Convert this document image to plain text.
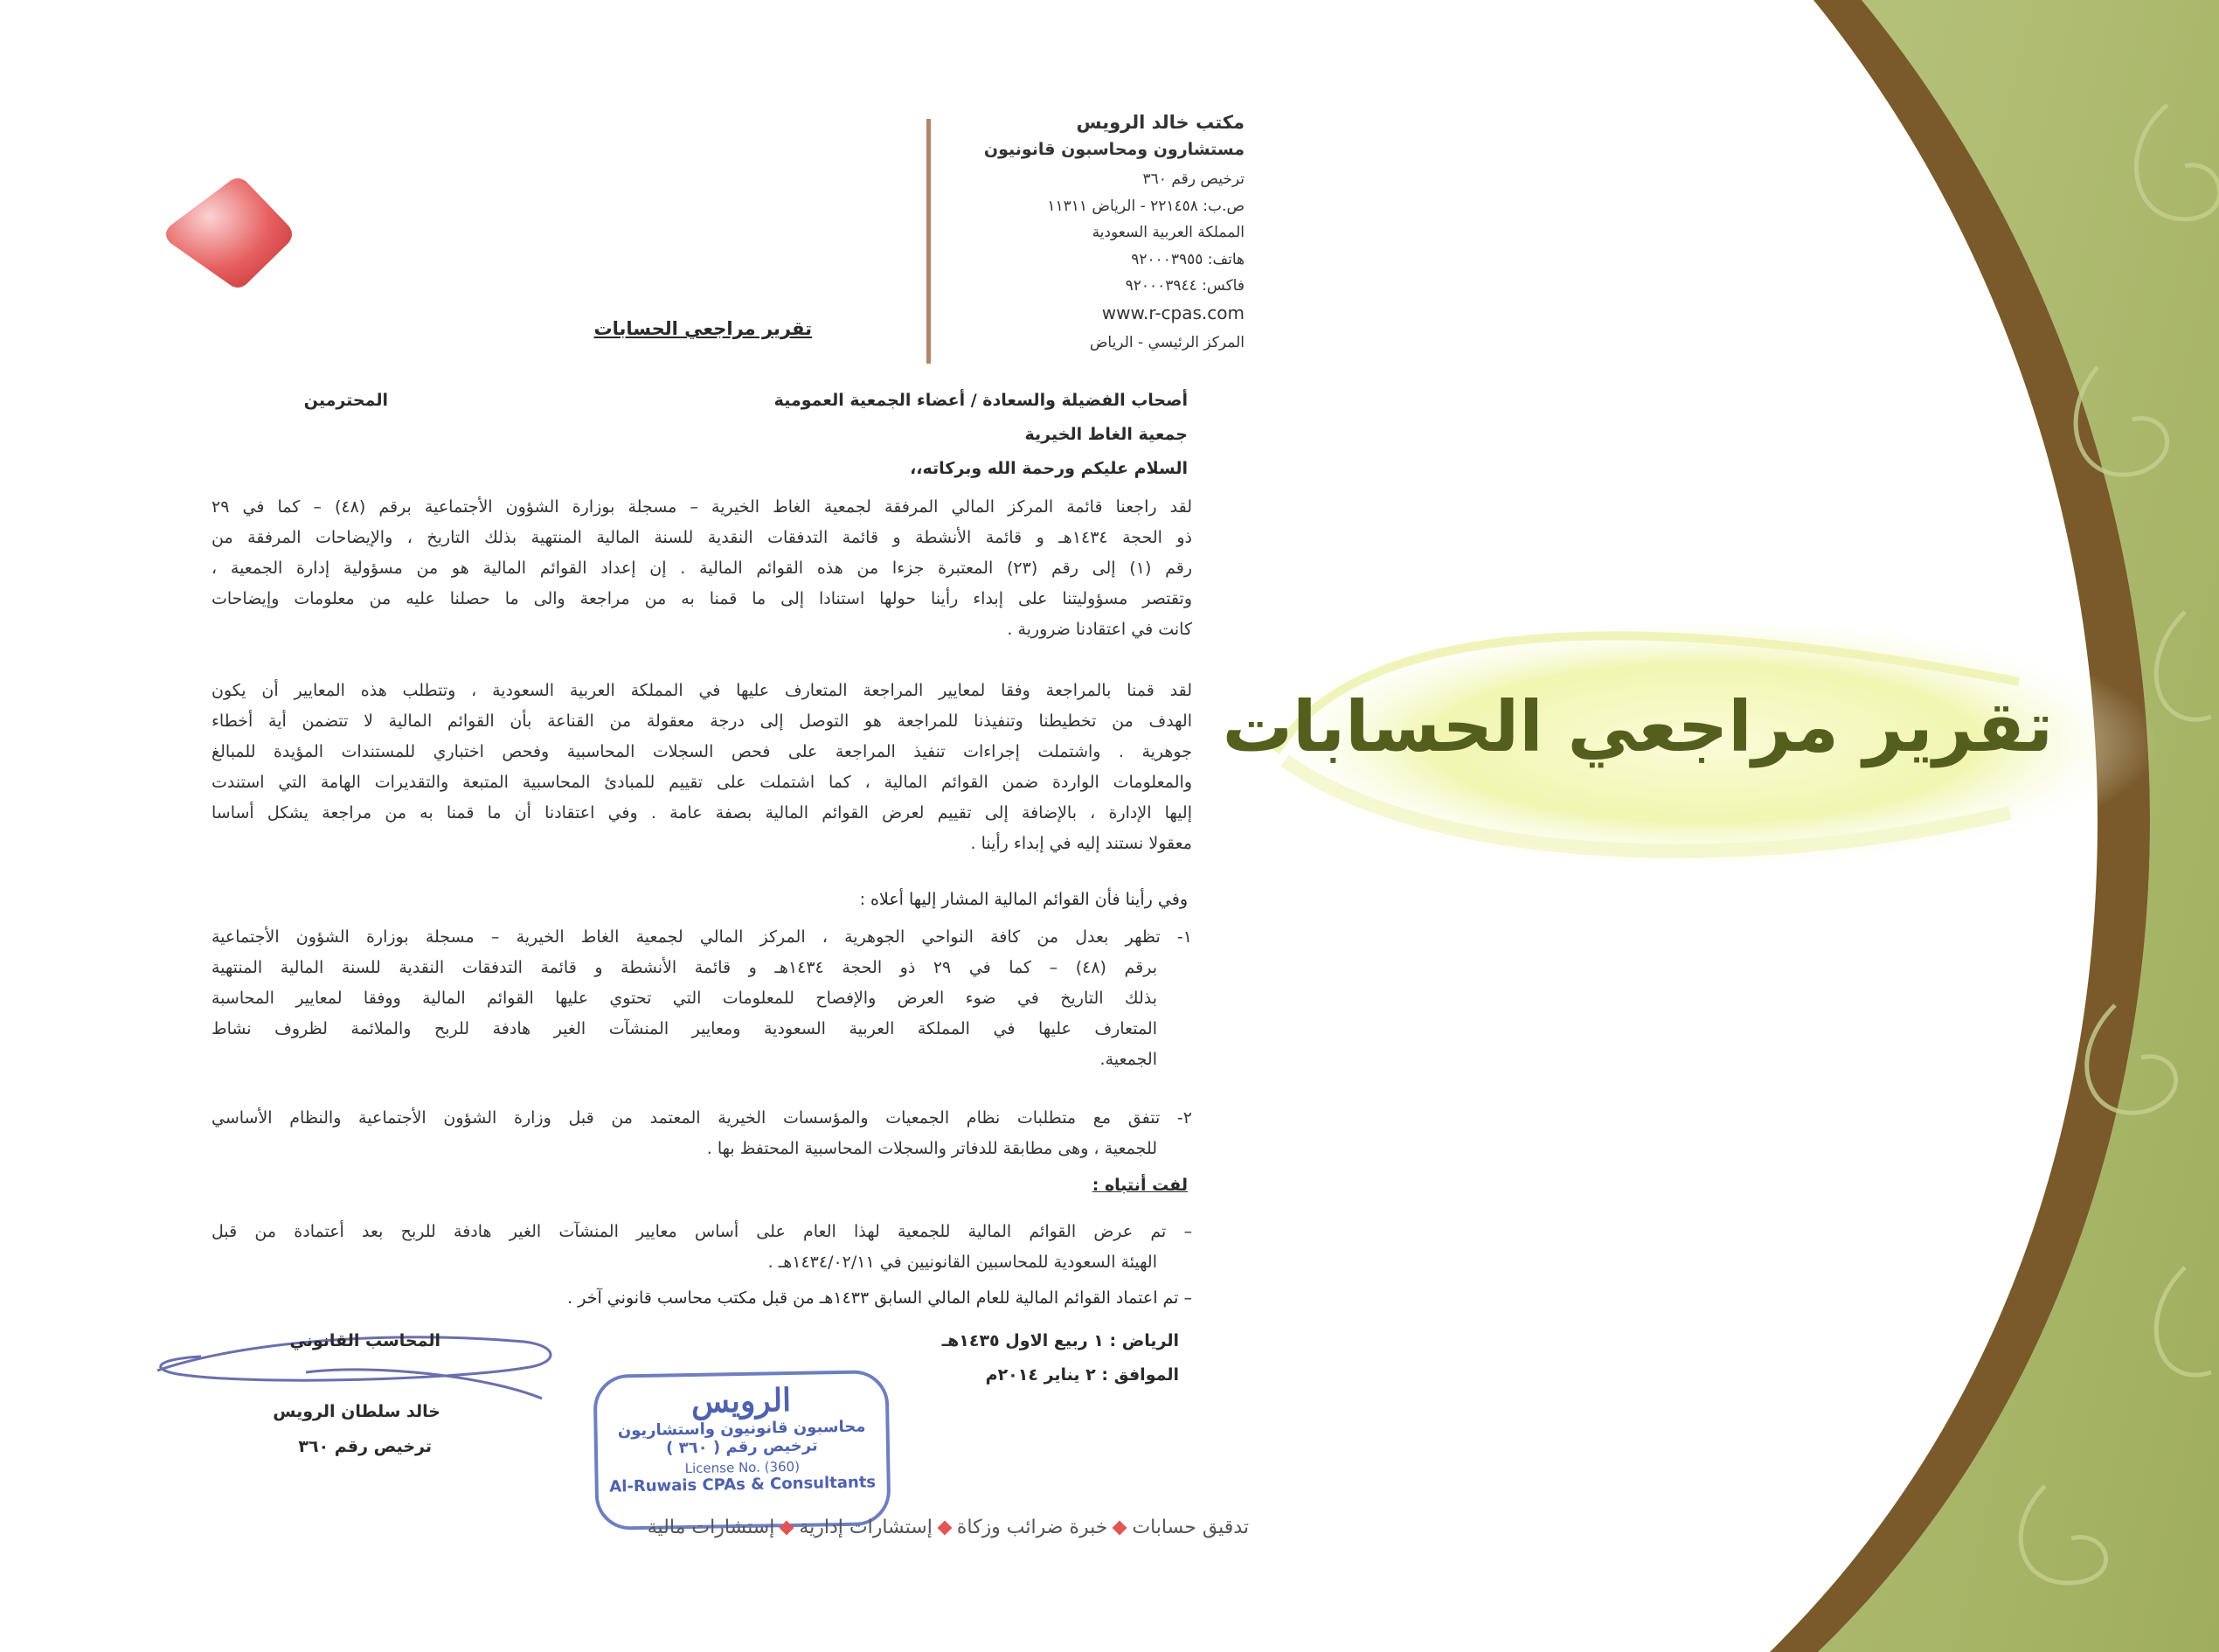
مكتب خالد الرويس
مستشارون ومحاسبون قانونيون
ترخيص رقم ٣٦٠
ص.ب: ٢٢١٤٥٨ - الرياض ١١٣١١
المملكة العربية السعودية
هاتف: ٩٢٠٠٠٣٩٥٥
فاكس: ٩٢٠٠٠٣٩٤٤
www.r-cpas.com
المركز الرئيسي - الرياض
تقرير مراجعي الحسابات
أصحاب الفضيلة والسعادة / أعضاء الجمعية العمومية
المحترمين
جمعية الغاط الخيرية
السلام عليكم ورحمة الله وبركاته،،
لقد راجعنا قائمة المركز المالي المرفقة لجمعية الغاط الخيرية – مسجلة بوزارة الشؤون الأجتماعية برقم (٤٨) – كما في ٢٩
ذو الحجة ١٤٣٤هـ و قائمة الأنشطة و قائمة التدفقات النقدية للسنة المالية المنتهية بذلك التاريخ ، والإيضاحات المرفقة من
رقم (١) إلى رقم (٢٣) المعتبرة جزءا من هذه القوائم المالية . إن إعداد القوائم المالية هو من مسؤولية إدارة الجمعية ،
وتقتصر مسؤوليتنا على إبداء رأينا حولها استنادا إلى ما قمنا به من مراجعة والى ما حصلنا عليه من معلومات وإيضاحات
كانت في اعتقادنا ضرورية .
لقد قمنا بالمراجعة وفقا لمعايير المراجعة المتعارف عليها في المملكة العربية السعودية ، وتتطلب هذه المعايير أن يكون
الهدف من تخطيطنا وتنفيذنا للمراجعة هو التوصل إلى درجة معقولة من القناعة بأن القوائم المالية لا تتضمن أية أخطاء
جوهرية . واشتملت إجراءات تنفيذ المراجعة على فحص السجلات المحاسبية وفحص اختباري للمستندات المؤيدة للمبالغ
والمعلومات الواردة ضمن القوائم المالية ، كما اشتملت على تقييم للمبادئ المحاسبية المتبعة والتقديرات الهامة التي استندت
إليها الإدارة ، بالإضافة إلى تقييم لعرض القوائم المالية بصفة عامة . وفي اعتقادنا أن ما قمنا به من مراجعة يشكل أساسا
معقولا نستند إليه في إبداء رأينا .
وفي رأينا فأن القوائم المالية المشار إليها أعلاه :
١- تظهر بعدل من كافة النواحي الجوهرية ، المركز المالي لجمعية الغاط الخيرية – مسجلة بوزارة الشؤون الأجتماعية
برقم (٤٨) – كما في ٢٩ ذو الحجة ١٤٣٤هـ و قائمة الأنشطة و قائمة التدفقات النقدية للسنة المالية المنتهية
بذلك التاريخ في ضوء العرض والإفصاح للمعلومات التي تحتوي عليها القوائم المالية ووفقا لمعايير المحاسبة
المتعارف عليها في المملكة العربية السعودية ومعايير المنشآت الغير هادفة للربح والملائمة لظروف نشاط
الجمعية.
٢- تتفق مع متطلبات نظام الجمعيات والمؤسسات الخيرية المعتمد من قبل وزارة الشؤون الأجتماعية والنظام الأساسي
للجمعية ، وهى مطابقة للدفاتر والسجلات المحاسبية المحتفظ بها .
لفت أنتباه :
– تم عرض القوائم المالية للجمعية لهذا العام على أساس معايير المنشآت الغير هادفة للربح بعد أعتمادة من قبل
الهيئة السعودية للمحاسبين القانونيين في ١٤٣٤/٠٢/١١هـ .
– تم اعتماد القوائم المالية للعام المالي السابق ١٤٣٣هـ من قبل مكتب محاسب قانوني آخر .
الرياض : ١ ربيع الاول ١٤٣٥هـ
الموافق : ٢ يناير ٢٠١٤م
المحاسب القانوني
خالد سلطان الرويس
ترخيص رقم ٣٦٠
الرويس
محاسبون قانونيون واستشاريون
ترخيص رقم ( ٣٦٠ )
License No. (360)
Al-Ruwais CPAs & Consultants
تدقيق حساباتخبرة ضرائب وزكاةإستشارات إداريةإستشارات مالية
تقرير مراجعي الحسابات
